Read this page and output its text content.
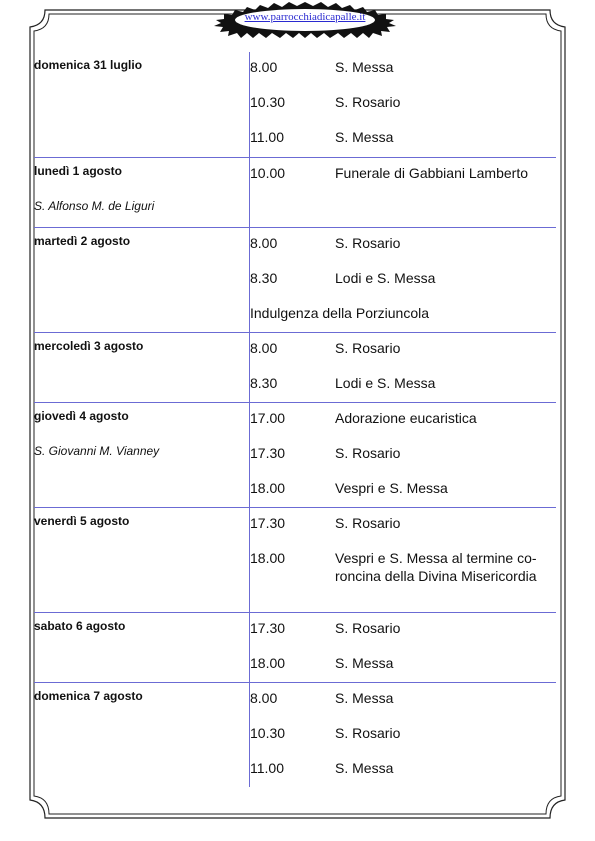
www.parrocchiadicapalle.it
domenica 31 luglio	8.00	S. Messa
10.30	S. Rosario
11.00	S. Messa
lunedì 1 agosto
S. Alfonso M. de Liguri
10.00	Funerale di Gabbiani Lamberto
martedì 2 agosto	8.00	S. Rosario
8.30	Lodi e S. Messa
Indulgenza della Porziuncola
mercoledì 3 agosto	8.00	S. Rosario
8.30	Lodi e S. Messa
giovedì 4 agosto
S. Giovanni M. Vianney
17.00	Adorazione eucaristica
17.30	S. Rosario
18.00	Vespri e S. Messa
venerdì 5 agosto	17.30	S. Rosario
18.00	Vespri e S. Messa al termine co-roncina della Divina Misericordia
sabato 6 agosto	17.30	S. Rosario
18.00	S. Messa
domenica 7 agosto	8.00	S. Messa
10.30	S. Rosario
11.00	S. Messa
